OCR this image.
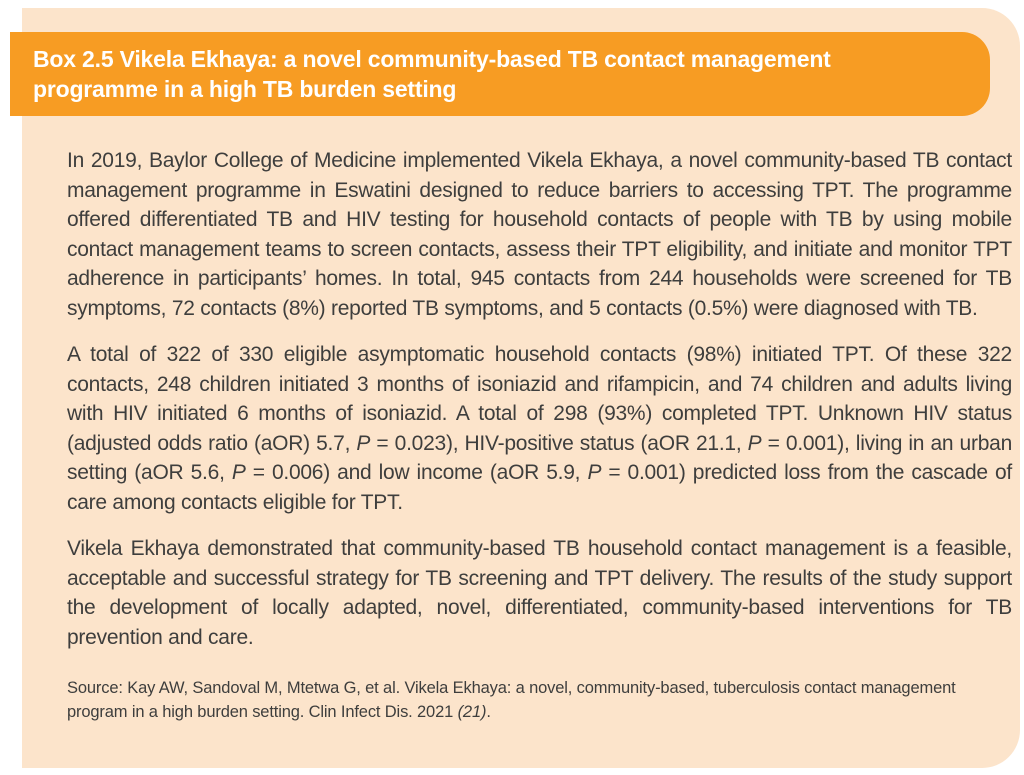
In 2019, Baylor College of Medicine implemented Vikela Ekhaya, a novel community-based TB contact management programme in Eswatini designed to reduce barriers to accessing TPT. The programme offered differentiated TB and HIV testing for household contacts of people with TB by using mobile contact management teams to screen contacts, assess their TPT eligibility, and initiate and monitor TPT adherence in participants’ homes. In total, 945 contacts from 244 households were screened for TB symptoms, 72 contacts (8%) reported TB symptoms, and 5 contacts (0.5%) were diagnosed with TB.

A total of 322 of 330 eligible asymptomatic household contacts (98%) initiated TPT. Of these 322 contacts, 248 children initiated 3 months of isoniazid and rifampicin, and 74 children and adults living with HIV initiated 6 months of isoniazid. A total of 298 (93%) completed TPT. Unknown HIV status (adjusted odds ratio (aOR) 5.7, P = 0.023), HIV-positive status (aOR 21.1, P = 0.001), living in an urban setting (aOR 5.6, P = 0.006) and low income (aOR 5.9, P = 0.001) predicted loss from the cascade of care among contacts eligible for TPT.

Vikela Ekhaya demonstrated that community-based TB household contact management is a feasible, acceptable and successful strategy for TB screening and TPT delivery. The results of the study support the development of locally adapted, novel, differentiated, community-based interventions for TB prevention and care.

Source: Kay AW, Sandoval M, Mtetwa G, et al. Vikela Ekhaya: a novel, community-based, tuberculosis contact management program in a high burden setting. Clin Infect Dis. 2021 (21).

Box 2.5 Vikela Ekhaya: a novel community-based TB contact management
programme in a high TB burden setting
